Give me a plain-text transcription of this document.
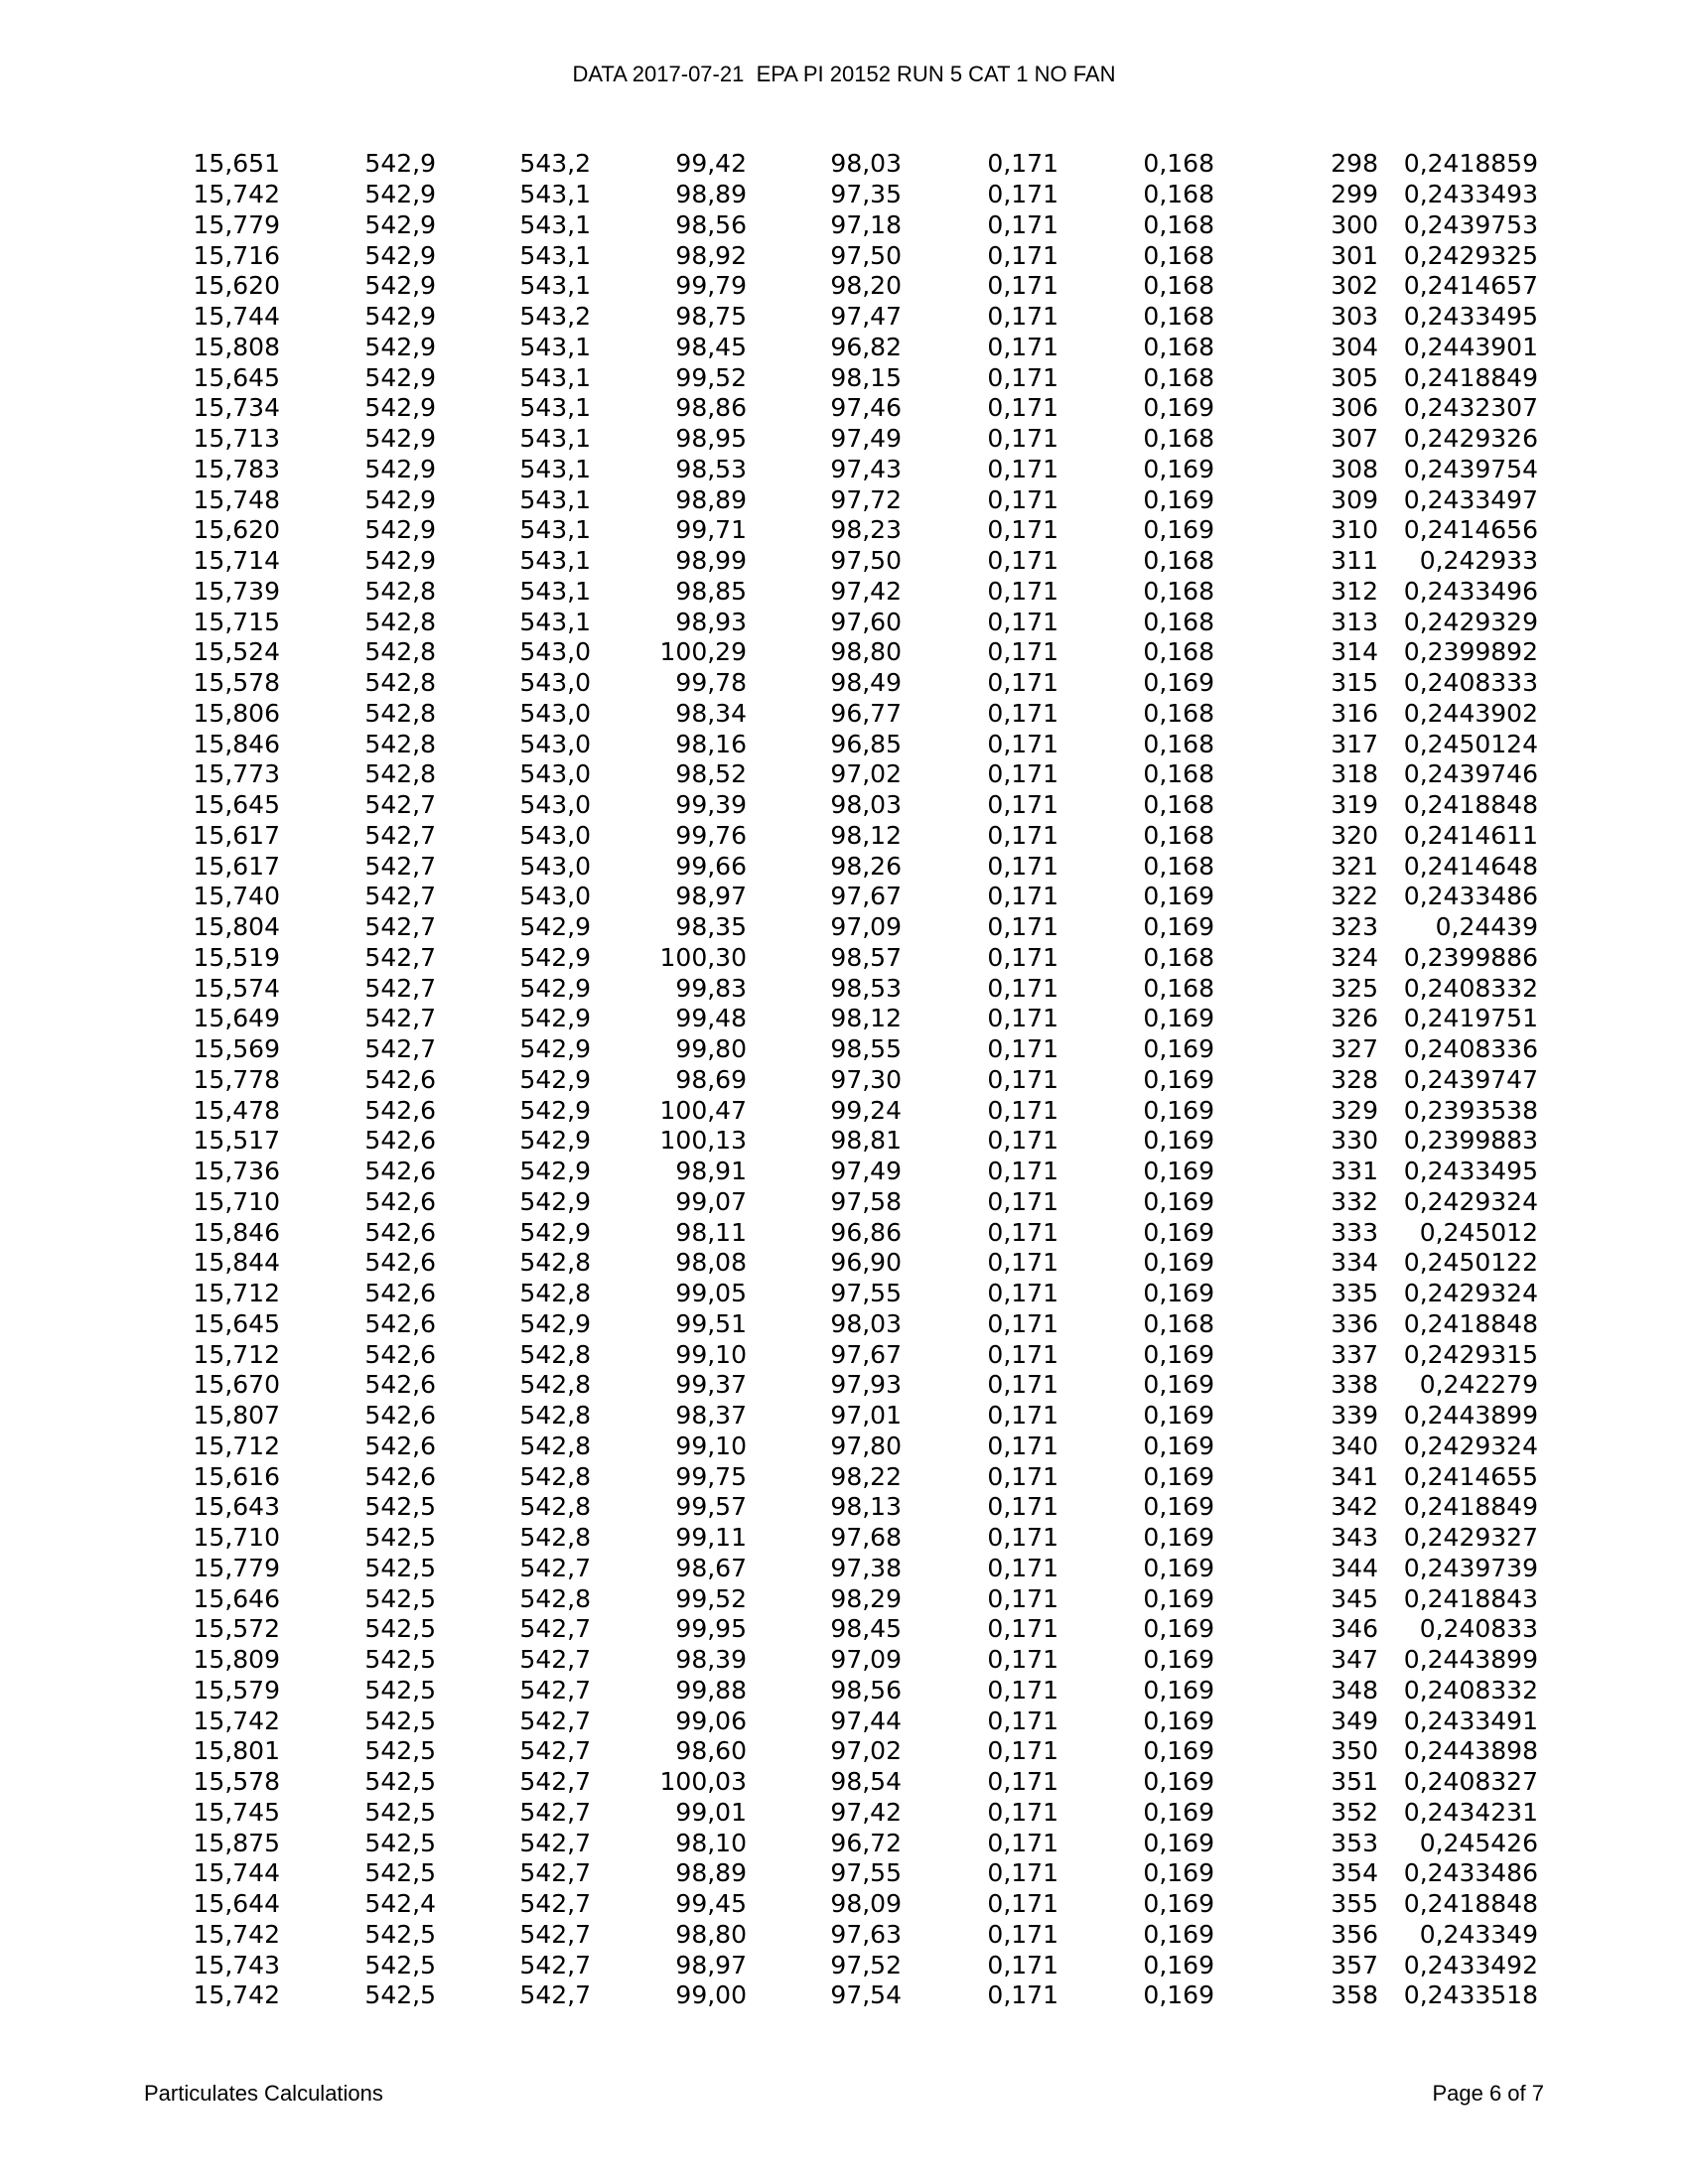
DATA 2017-07-21  EPA PI 20152 RUN 5 CAT 1 NO FAN
15,651	542,9	543,2	99,42	98,03	0,171	0,168	298	0,2418859
15,742	542,9	543,1	98,89	97,35	0,171	0,168	299	0,2433493
15,779	542,9	543,1	98,56	97,18	0,171	0,168	300	0,2439753
15,716	542,9	543,1	98,92	97,50	0,171	0,168	301	0,2429325
15,620	542,9	543,1	99,79	98,20	0,171	0,168	302	0,2414657
15,744	542,9	543,2	98,75	97,47	0,171	0,168	303	0,2433495
15,808	542,9	543,1	98,45	96,82	0,171	0,168	304	0,2443901
15,645	542,9	543,1	99,52	98,15	0,171	0,168	305	0,2418849
15,734	542,9	543,1	98,86	97,46	0,171	0,169	306	0,2432307
15,713	542,9	543,1	98,95	97,49	0,171	0,168	307	0,2429326
15,783	542,9	543,1	98,53	97,43	0,171	0,169	308	0,2439754
15,748	542,9	543,1	98,89	97,72	0,171	0,169	309	0,2433497
15,620	542,9	543,1	99,71	98,23	0,171	0,169	310	0,2414656
15,714	542,9	543,1	98,99	97,50	0,171	0,168	311	0,242933
15,739	542,8	543,1	98,85	97,42	0,171	0,168	312	0,2433496
15,715	542,8	543,1	98,93	97,60	0,171	0,168	313	0,2429329
15,524	542,8	543,0	100,29	98,80	0,171	0,168	314	0,2399892
15,578	542,8	543,0	99,78	98,49	0,171	0,169	315	0,2408333
15,806	542,8	543,0	98,34	96,77	0,171	0,168	316	0,2443902
15,846	542,8	543,0	98,16	96,85	0,171	0,168	317	0,2450124
15,773	542,8	543,0	98,52	97,02	0,171	0,168	318	0,2439746
15,645	542,7	543,0	99,39	98,03	0,171	0,168	319	0,2418848
15,617	542,7	543,0	99,76	98,12	0,171	0,168	320	0,2414611
15,617	542,7	543,0	99,66	98,26	0,171	0,168	321	0,2414648
15,740	542,7	543,0	98,97	97,67	0,171	0,169	322	0,2433486
15,804	542,7	542,9	98,35	97,09	0,171	0,169	323	0,24439
15,519	542,7	542,9	100,30	98,57	0,171	0,168	324	0,2399886
15,574	542,7	542,9	99,83	98,53	0,171	0,168	325	0,2408332
15,649	542,7	542,9	99,48	98,12	0,171	0,169	326	0,2419751
15,569	542,7	542,9	99,80	98,55	0,171	0,169	327	0,2408336
15,778	542,6	542,9	98,69	97,30	0,171	0,169	328	0,2439747
15,478	542,6	542,9	100,47	99,24	0,171	0,169	329	0,2393538
15,517	542,6	542,9	100,13	98,81	0,171	0,169	330	0,2399883
15,736	542,6	542,9	98,91	97,49	0,171	0,169	331	0,2433495
15,710	542,6	542,9	99,07	97,58	0,171	0,169	332	0,2429324
15,846	542,6	542,9	98,11	96,86	0,171	0,169	333	0,245012
15,844	542,6	542,8	98,08	96,90	0,171	0,169	334	0,2450122
15,712	542,6	542,8	99,05	97,55	0,171	0,169	335	0,2429324
15,645	542,6	542,9	99,51	98,03	0,171	0,168	336	0,2418848
15,712	542,6	542,8	99,10	97,67	0,171	0,169	337	0,2429315
15,670	542,6	542,8	99,37	97,93	0,171	0,169	338	0,242279
15,807	542,6	542,8	98,37	97,01	0,171	0,169	339	0,2443899
15,712	542,6	542,8	99,10	97,80	0,171	0,169	340	0,2429324
15,616	542,6	542,8	99,75	98,22	0,171	0,169	341	0,2414655
15,643	542,5	542,8	99,57	98,13	0,171	0,169	342	0,2418849
15,710	542,5	542,8	99,11	97,68	0,171	0,169	343	0,2429327
15,779	542,5	542,7	98,67	97,38	0,171	0,169	344	0,2439739
15,646	542,5	542,8	99,52	98,29	0,171	0,169	345	0,2418843
15,572	542,5	542,7	99,95	98,45	0,171	0,169	346	0,240833
15,809	542,5	542,7	98,39	97,09	0,171	0,169	347	0,2443899
15,579	542,5	542,7	99,88	98,56	0,171	0,169	348	0,2408332
15,742	542,5	542,7	99,06	97,44	0,171	0,169	349	0,2433491
15,801	542,5	542,7	98,60	97,02	0,171	0,169	350	0,2443898
15,578	542,5	542,7	100,03	98,54	0,171	0,169	351	0,2408327
15,745	542,5	542,7	99,01	97,42	0,171	0,169	352	0,2434231
15,875	542,5	542,7	98,10	96,72	0,171	0,169	353	0,245426
15,744	542,5	542,7	98,89	97,55	0,171	0,169	354	0,2433486
15,644	542,4	542,7	99,45	98,09	0,171	0,169	355	0,2418848
15,742	542,5	542,7	98,80	97,63	0,171	0,169	356	0,243349
15,743	542,5	542,7	98,97	97,52	0,171	0,169	357	0,2433492
15,742	542,5	542,7	99,00	97,54	0,171	0,169	358	0,2433518
Particulates Calculations	Page 6 of 7
